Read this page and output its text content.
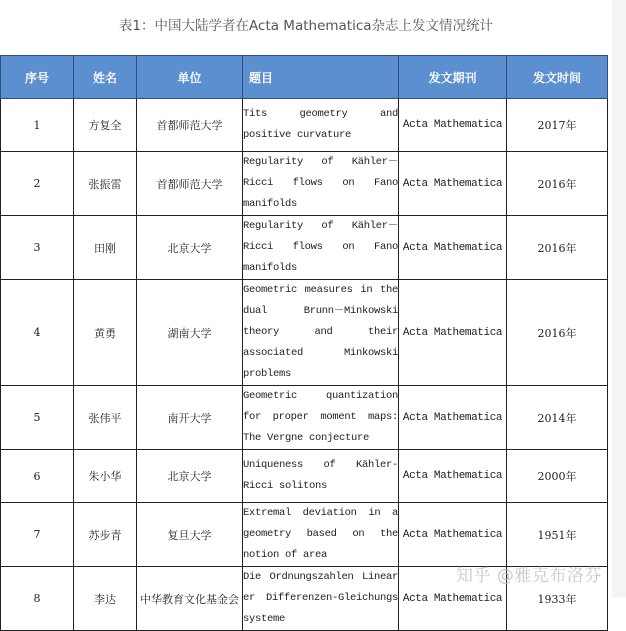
表1：中国大陆学者在Acta Mathematica杂志上发文情况统计
序号	姓名	单位	题目	发文期刊	发文时间
1	方复全	首都师范大学	Tits geometry and positive curvature	Acta Mathematica	2017年
2	张振雷	首都师范大学	Regularity of Kähler－Ricci flows on Fano manifolds	Acta Mathematica	2016年
3	田刚	北京大学	Regularity of Kähler－Ricci flows on Fano manifolds	Acta Mathematica	2016年
4	黄勇	湖南大学	Geometric measures in the dual Brunn－Minkowski theory and their associated Minkowski problems	Acta Mathematica	2016年
5	张伟平	南开大学	Geometric quantization for proper moment maps: The Vergne conjecture	Acta Mathematica	2014年
6	朱小华	北京大学	Uniqueness of Kähler-Ricci solitons	Acta Mathematica	2000年
7	苏步青	复旦大学	Extremal deviation in a geometry based on the notion of area	Acta Mathematica	1951年
8	李达	中华教育文化基金会	Die Ordnungszahlen Linearer Differenzen-Gleichungssysteme	Acta Mathematica	1933年
知乎 @雅克布洛芬
